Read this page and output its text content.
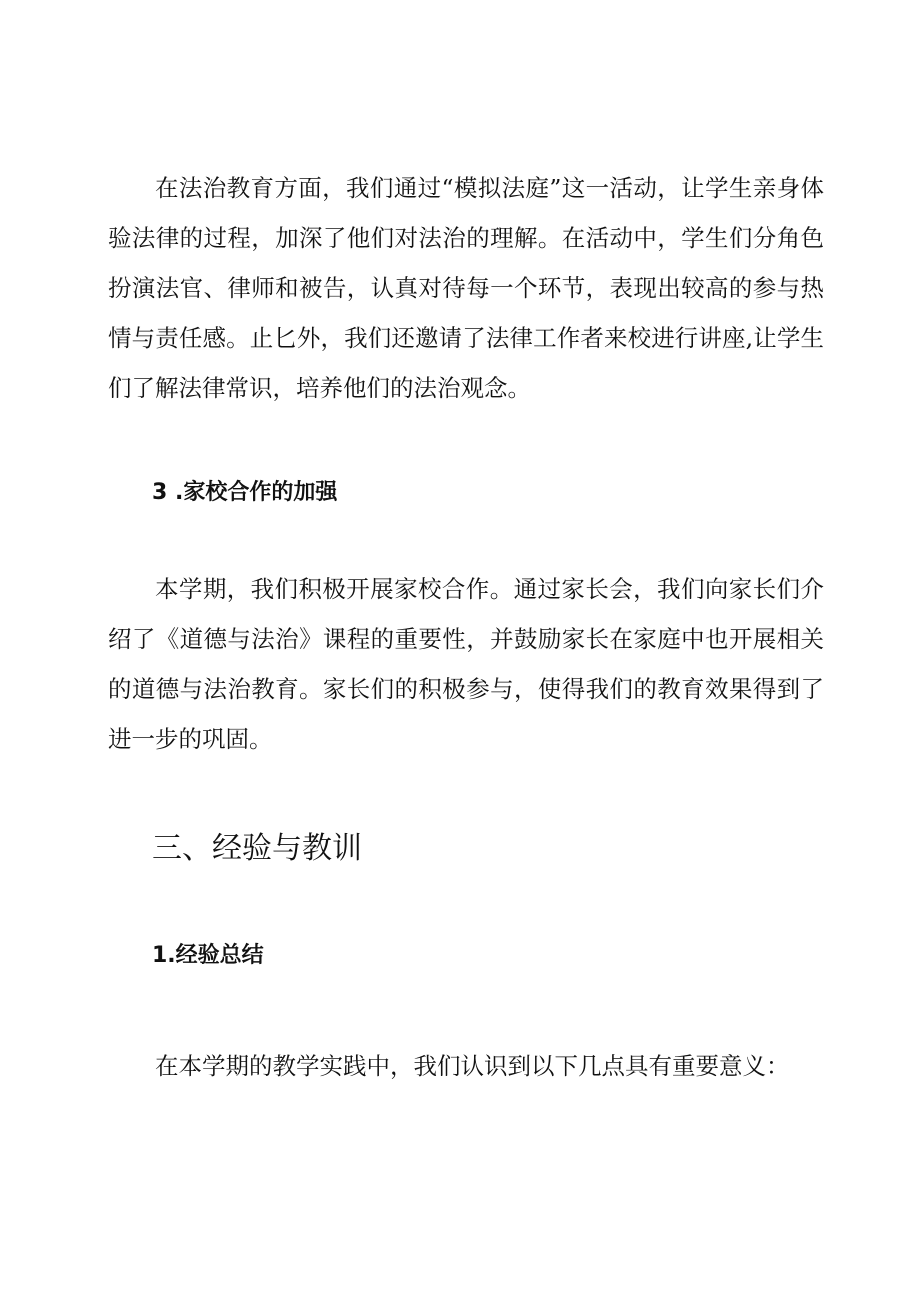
在法治教育方面，我们通过“模拟法庭”这一活动，让学生亲身体验法律的过程，加深了他们对法治的理解。在活动中，学生们分角色扮演法官、律师和被告，认真对待每一个环节，表现出较高的参与热情与责任感。止匕外，我们还邀请了法律工作者来校进行讲座,让学生们了解法律常识，培养他们的法治观念。

3 .家校合作的加强

本学期，我们积极开展家校合作。通过家长会，我们向家长们介绍了《道德与法治》课程的重要性，并鼓励家长在家庭中也开展相关的道德与法治教育。家长们的积极参与，使得我们的教育效果得到了进一步的巩固。

三、经验与教训
1.经验总结

在本学期的教学实践中，我们认识到以下几点具有重要意义：
